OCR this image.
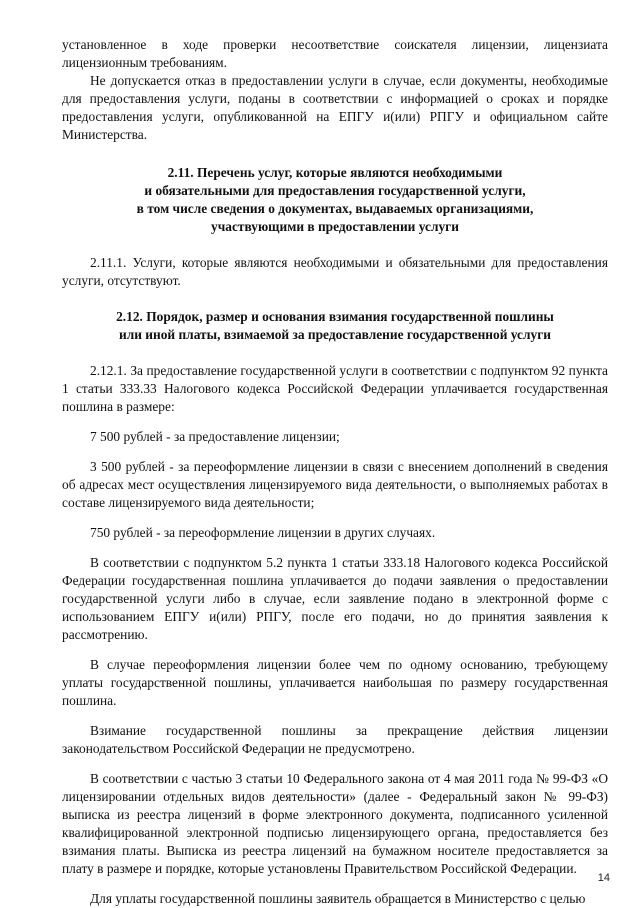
установленное в ходе проверки несоответствие соискателя лицензии, лицензиата лицензионным требованиям.

Не допускается отказ в предоставлении услуги в случае, если документы, необходимые для предоставления услуги, поданы в соответствии с информацией о сроках и порядке предоставления услуги, опубликованной на ЕПГУ и(или) РПГУ и официальном сайте Министерства.

2.11. Перечень услуг, которые являются необходимыми
и обязательными для предоставления государственной услуги,
в том числе сведения о документах, выдаваемых организациями,
участвующими в предоставлении услуги

2.11.1. Услуги, которые являются необходимыми и обязательными для предоставления услуги, отсутствуют.

2.12. Порядок, размер и основания взимания государственной пошлины
или иной платы, взимаемой за предоставление государственной услуги

2.12.1. За предоставление государственной услуги в соответствии с подпунктом 92 пункта 1 статьи 333.33 Налогового кодекса Российской Федерации уплачивается государственная пошлина в размере:

7 500 рублей - за предоставление лицензии;

3 500 рублей - за переоформление лицензии в связи с внесением дополнений в сведения об адресах мест осуществления лицензируемого вида деятельности, о выполняемых работах в составе лицензируемого вида деятельности;

750 рублей - за переоформление лицензии в других случаях.

В соответствии с подпунктом 5.2 пункта 1 статьи 333.18 Налогового кодекса Российской Федерации государственная пошлина уплачивается до подачи заявления о предоставлении государственной услуги либо в случае, если заявление подано в электронной форме с использованием ЕПГУ и(или) РПГУ, после его подачи, но до принятия заявления к рассмотрению.

В случае переоформления лицензии более чем по одному основанию, требующему уплаты государственной пошлины, уплачивается наибольшая по размеру государственная пошлина.

Взимание государственной пошлины за прекращение действия лицензии законодательством Российской Федерации не предусмотрено.

В соответствии с частью 3 статьи 10 Федерального закона от 4 мая 2011 года № 99-ФЗ «О лицензировании отдельных видов деятельности» (далее - Федеральный закон № 99-ФЗ) выписка из реестра лицензий в форме электронного документа, подписанного усиленной квалифицированной электронной подписью лицензирующего органа, предоставляется без взимания платы. Выписка из реестра лицензий на бумажном носителе предоставляется за плату в размере и порядке, которые установлены Правительством Российской Федерации.

Для уплаты государственной пошлины заявитель обращается в Министерство с целью

14
